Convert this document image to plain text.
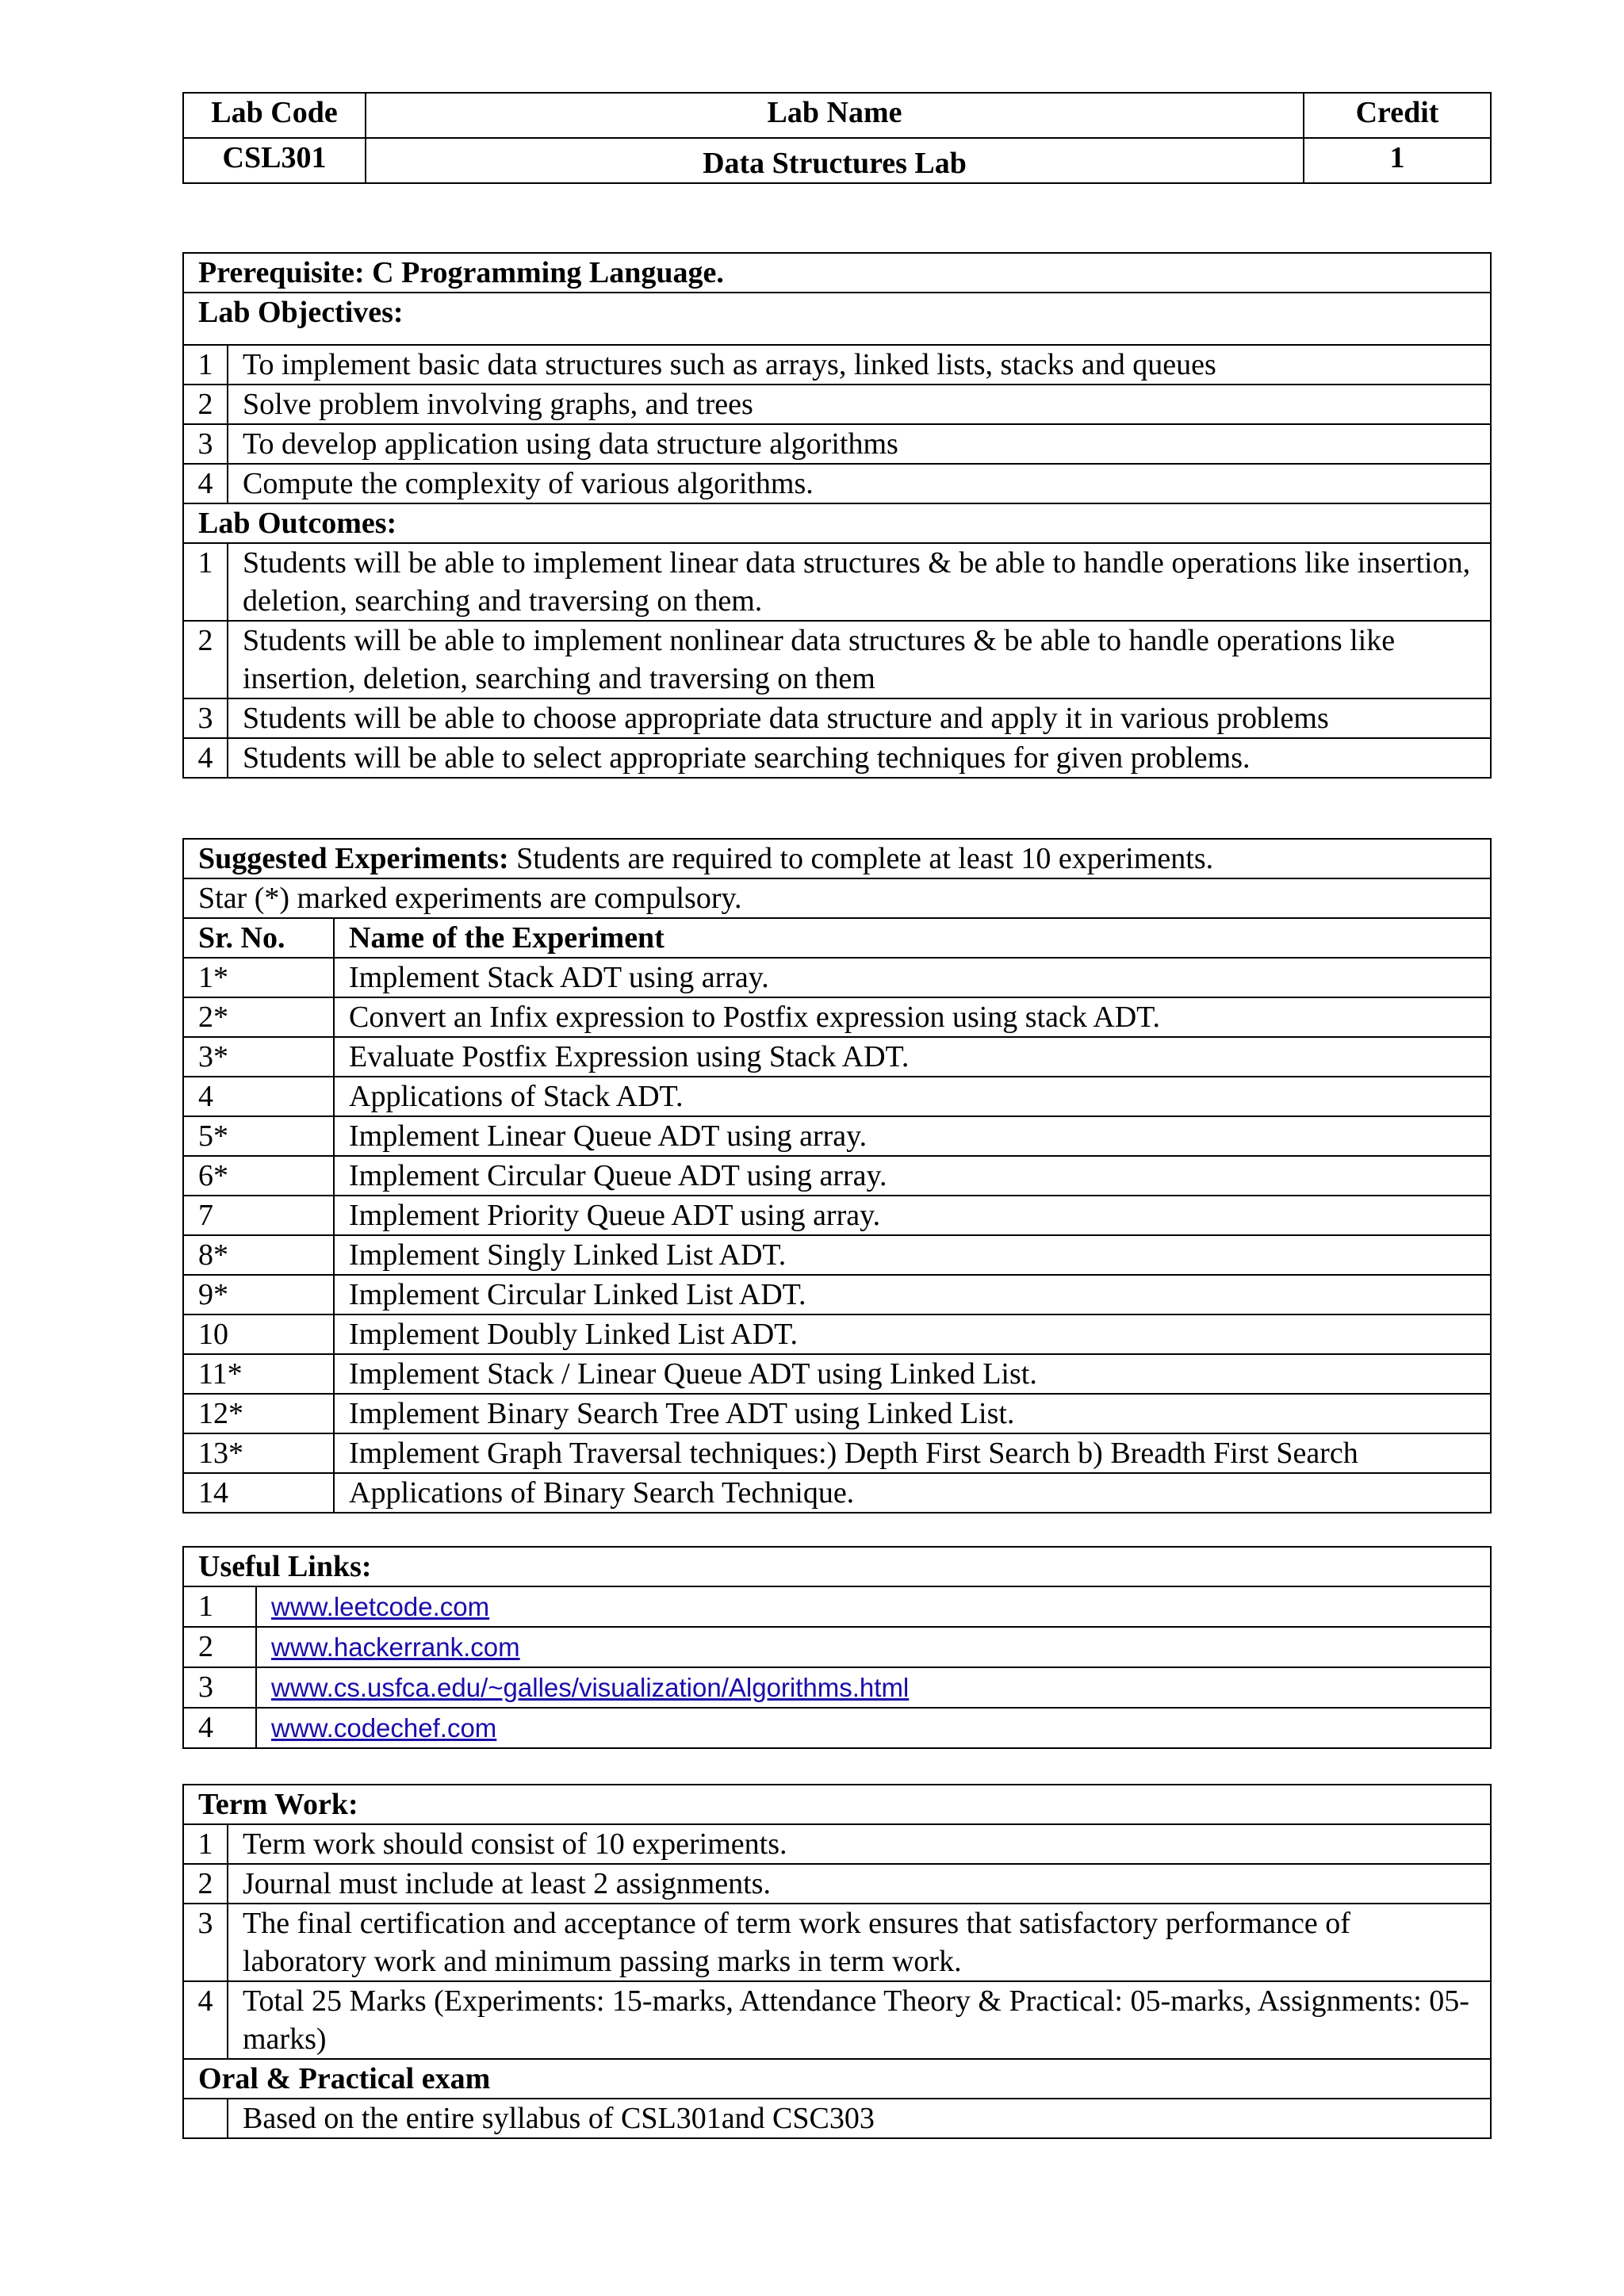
Lab Code	Lab Name	Credit
CSL301	Data Structures Lab	1
Prerequisite: C Programming Language.	
Lab Objectives:	
1	To implement basic data structures such as arrays, linked lists, stacks and queues
2	Solve problem involving graphs, and trees
3	To develop application using data structure algorithms
4	Compute the complexity of various algorithms.
Lab Outcomes:	
1	Students will be able to implement linear data structures & be able to handle operations like insertion, deletion, searching and traversing on them.
2	Students will be able to implement nonlinear data structures & be able to handle operations like insertion, deletion, searching and traversing on them
3	Students will be able to choose appropriate data structure and apply it in various problems
4	Students will be able to select appropriate searching techniques for given problems.
Suggested Experiments: Students are required to complete at least 10 experiments.	
Star (*) marked experiments are compulsory.	
Sr. No.	Name of the Experiment
1*	Implement Stack ADT using array.
2*	Convert an Infix expression to Postfix expression using stack ADT.
3*	Evaluate Postfix Expression using Stack ADT.
4	Applications of Stack ADT.
5*	Implement Linear Queue ADT using array.
6*	Implement Circular Queue ADT using array.
7	Implement Priority Queue ADT using array.
8*	Implement Singly Linked List ADT.
9*	Implement Circular Linked List ADT.
10	Implement Doubly Linked List ADT.
11*	Implement Stack / Linear Queue ADT using Linked List.
12*	Implement Binary Search Tree ADT using Linked List.
13*	Implement Graph Traversal techniques:) Depth First Search b) Breadth First Search
14	Applications of Binary Search Technique.
Useful Links:	
1	www.leetcode.com
2	www.hackerrank.com
3	www.cs.usfca.edu/~galles/visualization/Algorithms.html
4	www.codechef.com
Term Work:	
1	Term work should consist of 10 experiments.
2	Journal must include at least 2 assignments.
3	The final certification and acceptance of term work ensures that satisfactory performance of laboratory work and minimum passing marks in term work.
4	Total 25 Marks (Experiments: 15-marks, Attendance Theory & Practical: 05-marks, Assignments: 05-marks)
Oral & Practical exam	
	Based on the entire syllabus of CSL301and CSC303
